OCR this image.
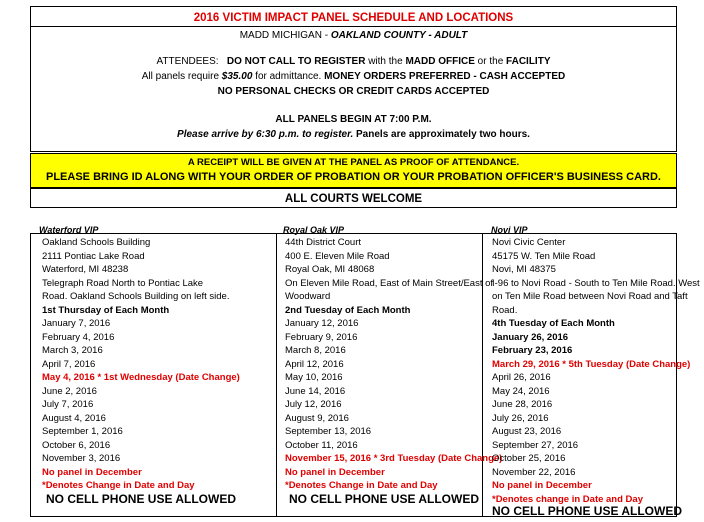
2016 VICTIM IMPACT PANEL SCHEDULE AND LOCATIONS
MADD MICHIGAN - OAKLAND COUNTY - ADULT
ATTENDEES:   DO NOT CALL TO REGISTER with the MADD OFFICE or the FACILITY
All panels require $35.00 for admittance. MONEY ORDERS PREFERRED - CASH ACCEPTED
NO PERSONAL CHECKS OR CREDIT CARDS ACCEPTED
ALL PANELS BEGIN AT 7:00 P.M.
Please arrive by 6:30 p.m. to register. Panels are approximately two hours.
A RECEIPT WILL BE GIVEN AT THE PANEL AS PROOF OF ATTENDANCE.
PLEASE BRING ID ALONG WITH YOUR ORDER OF PROBATION OR YOUR PROBATION OFFICER'S BUSINESS CARD.
ALL COURTS WELCOME
Waterford VIP	Royal Oak VIP	Novi VIP
Oakland Schools Building
2111 Pontiac Lake Road
Waterford, MI 48238
Telegraph Road North to Pontiac Lake
Road. Oakland Schools Building on left side.
1st Thursday of Each Month
January 7, 2016
February 4, 2016
March 3, 2016
April 7, 2016
May 4, 2016 * 1st Wednesday (Date Change)
June 2, 2016
July 7, 2016
August 4, 2016
September 1, 2016
October 6, 2016
November 3, 2016
No panel in December
*Denotes Change in Date and Day
NO CELL PHONE USE ALLOWED
44th District Court
400 E. Eleven Mile Road
Royal Oak, MI 48068
On Eleven Mile Road, East of Main Street/East of
Woodward
2nd Tuesday of Each Month
January 12, 2016
February 9, 2016
March 8, 2016
April 12, 2016
May 10, 2016
June 14, 2016
July 12, 2016
August 9, 2016
September 13, 2016
October 11, 2016
November 15, 2016 * 3rd Tuesday (Date Change)
No panel in December
*Denotes Change in Date and Day
NO CELL PHONE USE ALLOWED
Novi Civic Center
45175 W. Ten Mile Road
Novi, MI 48375
I-96 to Novi Road - South to Ten Mile Road. West
on Ten Mile Road between Novi Road and Taft
Road.
4th Tuesday of Each Month
January 26, 2016
February 23, 2016
March 29, 2016 * 5th Tuesday (Date Change)
April 26, 2016
May 24, 2016
June 28, 2016
July 26, 2016
August 23, 2016
September 27, 2016
October 25, 2016
November 22, 2016
No panel in December
*Denotes change in Date and Day
NO CELL PHONE USE ALLOWED
